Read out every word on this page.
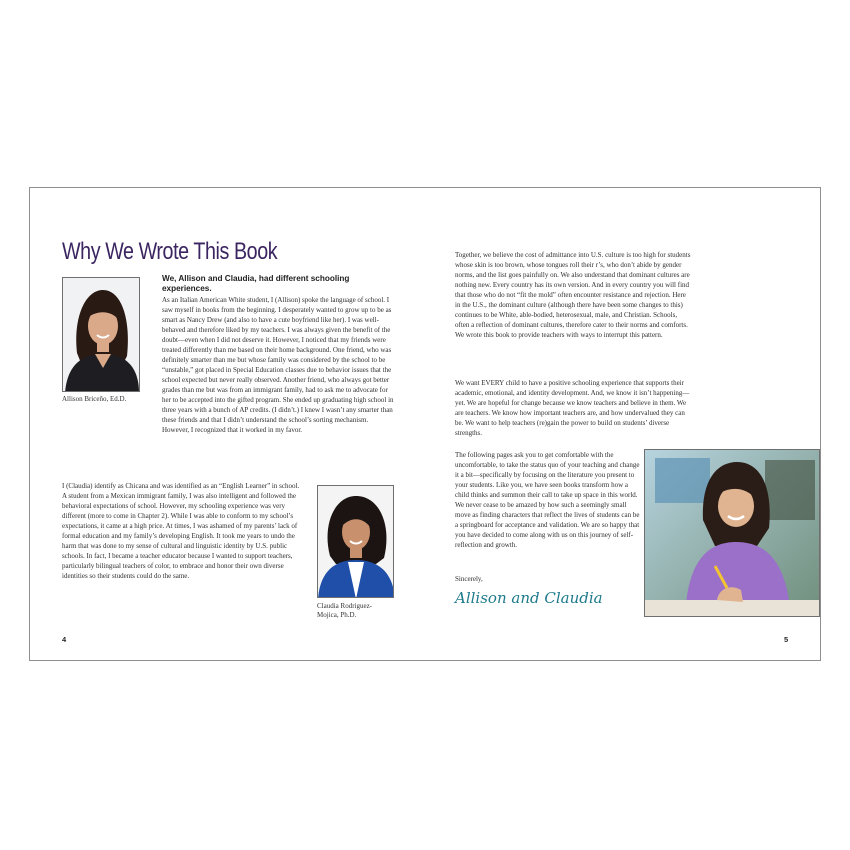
Why We Wrote This Book

Allison Briceño, Ed.D.

We, Allison and Claudia, had different schooling experiences.
As an Italian American White student, I (Allison) spoke the language of school. I saw myself in books from the beginning. I desperately wanted to grow up to be as smart as Nancy Drew (and also to have a cute boyfriend like her). I was well-behaved and therefore liked by my teachers. I was always given the benefit of the doubt—even when I did not deserve it. However, I noticed that my friends were treated differently than me based on their home background. One friend, who was definitely smarter than me but whose family was considered by the school to be “unstable,” got placed in Special Education classes due to behavior issues that the school expected but never really observed. Another friend, who always got better grades than me but was from an immigrant family, had to ask me to advocate for her to be accepted into the gifted program. She ended up graduating high school in three years with a bunch of AP credits. (I didn’t.) I knew I wasn’t any smarter than these friends and that I didn’t understand the school’s sorting mechanism. However, I recognized that it worked in my favor.

I (Claudia) identify as Chicana and was identified as an “English Learner” in school. A student from a Mexican immigrant family, I was also intelligent and followed the behavioral expectations of school. However, my schooling experience was very different (more to come in Chapter 2). While I was able to conform to my school’s expectations, it came at a high price. At times, I was ashamed of my parents’ lack of formal education and my family’s developing English. It took me years to undo the harm that was done to my sense of cultural and linguistic identity by U.S. public schools. In fact, I became a teacher educator because I wanted to support teachers, particularly bilingual teachers of color, to embrace and honor their own diverse identities so their students could do the same.

Claudia Rodriguez-
Mojica, Ph.D.

Together, we believe the cost of admittance into U.S. culture is too high for students whose skin is too brown, whose tongues roll their r’s, who don’t abide by gender norms, and the list goes painfully on. We also understand that dominant cultures are nothing new. Every country has its own version. And in every country you will find that those who do not “fit the mold” often encounter resistance and rejection. Here in the U.S., the dominant culture (although there have been some changes to this) continues to be White, able-bodied, heterosexual, male, and Christian. Schools, often a reflection of dominant cultures, therefore cater to their norms and comforts. We wrote this book to provide teachers with ways to interrupt this pattern.

We want EVERY child to have a positive schooling experience that supports their academic, emotional, and identity development. And, we know it isn’t happening—yet. We are hopeful for change because we know teachers and believe in them. We are teachers. We know how important teachers are, and how undervalued they can be. We want to help teachers (re)gain the power to build on students’ diverse strengths.

The following pages ask you to get comfortable with the uncomfortable, to take the status quo of your teaching and change it a bit—specifically by focusing on the literature you present to your students. Like you, we have seen books transform how a child thinks and summon their call to take up space in this world. We never cease to be amazed by how such a seemingly small move as finding characters that reflect the lives of students can be a springboard for acceptance and validation. We are so happy that you have decided to come along with us on this journey of self-reflection and growth.

Sincerely,

Allison and Claudia

4	5
